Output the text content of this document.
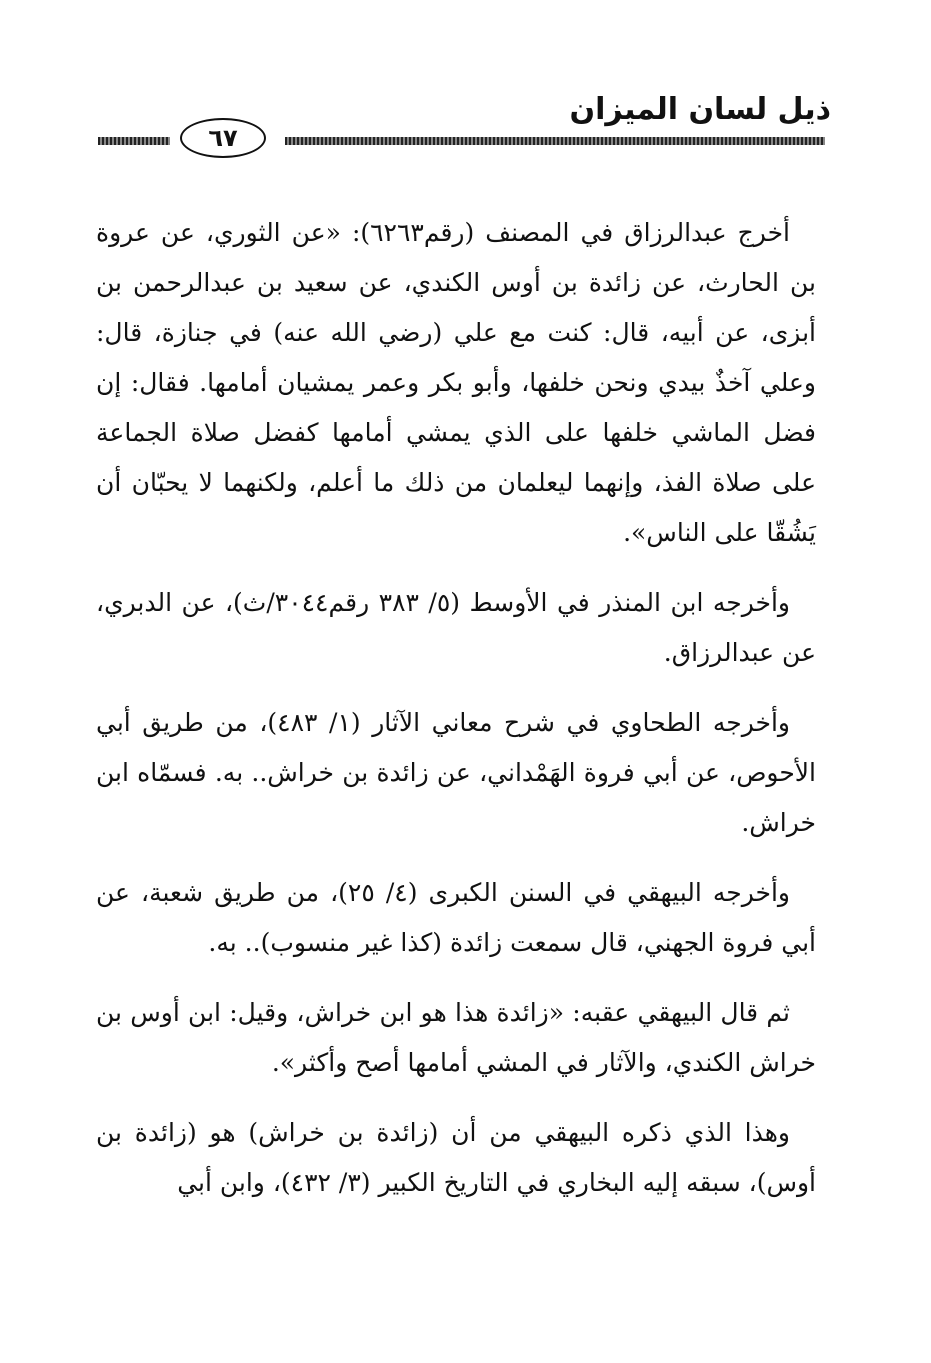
ذيل لسان الميزان
٦٧

أخرج عبدالرزاق في المصنف (رقم٦٢٦٣): «عن الثوري، عن عروة بن الحارث، عن زائدة بن أوس الكندي، عن سعيد بن عبدالرحمن بن أبزى، عن أبيه، قال: كنت مع علي (رضي الله عنه) في جنازة، قال: وعلي آخذٌ بيدي ونحن خلفها، وأبو بكر وعمر يمشيان أمامها. فقال: إن فضل الماشي خلفها على الذي يمشي أمامها كفضل صلاة الجماعة على صلاة الفذ، وإنهما ليعلمان من ذلك ما أعلم، ولكنهما لا يحبّان أن يَشُقّا على الناس».

وأخرجه ابن المنذر في الأوسط (٥/ ٣٨٣ رقم٣٠٤٤/ث)، عن الدبري، عن عبدالرزاق.

وأخرجه الطحاوي في شرح معاني الآثار (١/ ٤٨٣)، من طريق أبي الأحوص، عن أبي فروة الهَمْداني، عن زائدة بن خراش.. به. فسمّاه ابن خراش.

وأخرجه البيهقي في السنن الكبرى (٤/ ٢٥)، من طريق شعبة، عن أبي فروة الجهني، قال سمعت زائدة (كذا غير منسوب).. به.

ثم قال البيهقي عقبه: «زائدة هذا هو ابن خراش، وقيل: ابن أوس بن خراش الكندي، والآثار في المشي أمامها أصح وأكثر».

وهذا الذي ذكره البيهقي من أن (زائدة بن خراش) هو (زائدة بن أوس)، سبقه إليه البخاري في التاريخ الكبير (٣/ ٤٣٢)، وابن أبي
